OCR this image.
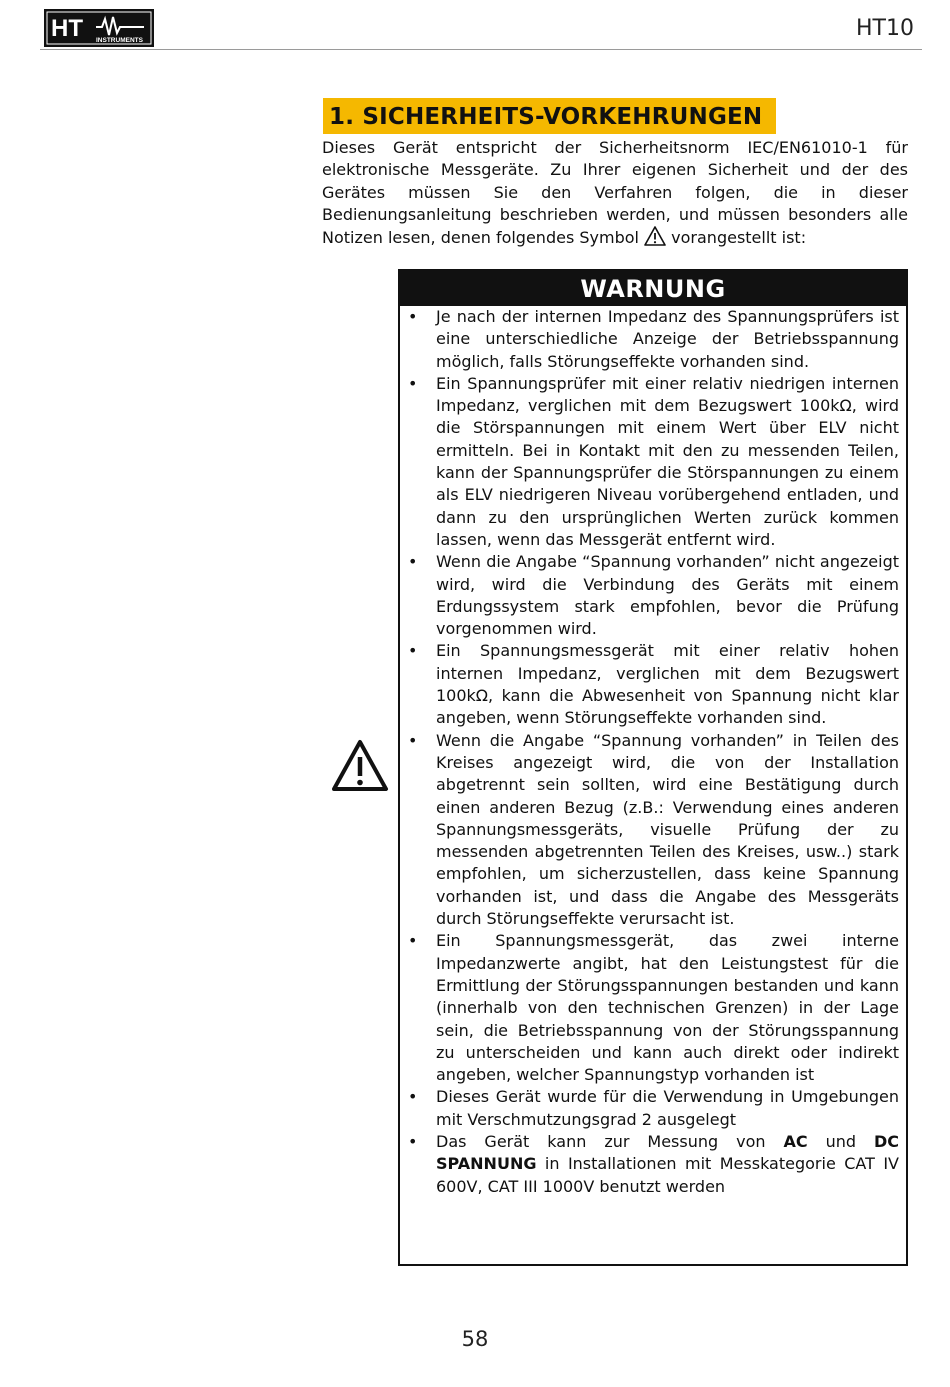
HT INSTRUMENTS	HT10
1. SICHERHEITS-VORKEHRUNGEN
Dieses Gerät entspricht der Sicherheitsnorm IEC/EN61010-1 für elektronische Messgeräte. Zu Ihrer eigenen Sicherheit und der des Gerätes müssen Sie den Verfahren folgen, die in dieser Bedienungsanleitung beschrieben werden, und müssen besonders alle Notizen lesen, denen folgendes Symbol vorangestellt ist:
WARNUNG
• Je nach der internen Impedanz des Spannungsprüfers ist eine unterschiedliche Anzeige der Betriebsspannung möglich, falls Störungseffekte vorhanden sind.
• Ein Spannungsprüfer mit einer relativ niedrigen internen Impedanz, verglichen mit dem Bezugswert 100kΩ, wird die Störspannungen mit einem Wert über ELV nicht ermitteln. Bei in Kontakt mit den zu messenden Teilen, kann der Spannungsprüfer die Störspannungen zu einem als ELV niedrigeren Niveau vorübergehend entladen, und dann zu den ursprünglichen Werten zurück kommen lassen, wenn das Messgerät entfernt wird.
• Wenn die Angabe “Spannung vorhanden” nicht angezeigt wird, wird die Verbindung des Geräts mit einem Erdungssystem stark empfohlen, bevor die Prüfung vorgenommen wird.
• Ein Spannungsmessgerät mit einer relativ hohen internen Impedanz, verglichen mit dem Bezugswert 100kΩ, kann die Abwesenheit von Spannung nicht klar angeben, wenn Störungseffekte vorhanden sind.
• Wenn die Angabe “Spannung vorhanden” in Teilen des Kreises angezeigt wird, die von der Installation abgetrennt sein sollten, wird eine Bestätigung durch einen anderen Bezug (z.B.: Verwendung eines anderen Spannungsmessgeräts, visuelle Prüfung der zu messenden abgetrennten Teilen des Kreises, usw..) stark empfohlen, um sicherzustellen, dass keine Spannung vorhanden ist, und dass die Angabe des Messgeräts durch Störungseffekte verursacht ist.
• Ein Spannungsmessgerät, das zwei interne Impedanzwerte angibt, hat den Leistungstest für die Ermittlung der Störungsspannungen bestanden und kann (innerhalb von den technischen Grenzen) in der Lage sein, die Betriebsspannung von der Störungsspannung zu unterscheiden und kann auch direkt oder indirekt angeben, welcher Spannungstyp vorhanden ist
• Dieses Gerät wurde für die Verwendung in Umgebungen mit Verschmutzungsgrad 2 ausgelegt
• Das Gerät kann zur Messung von AC und DC SPANNUNG in Installationen mit Messkategorie CAT IV 600V, CAT III 1000V benutzt werden
58
